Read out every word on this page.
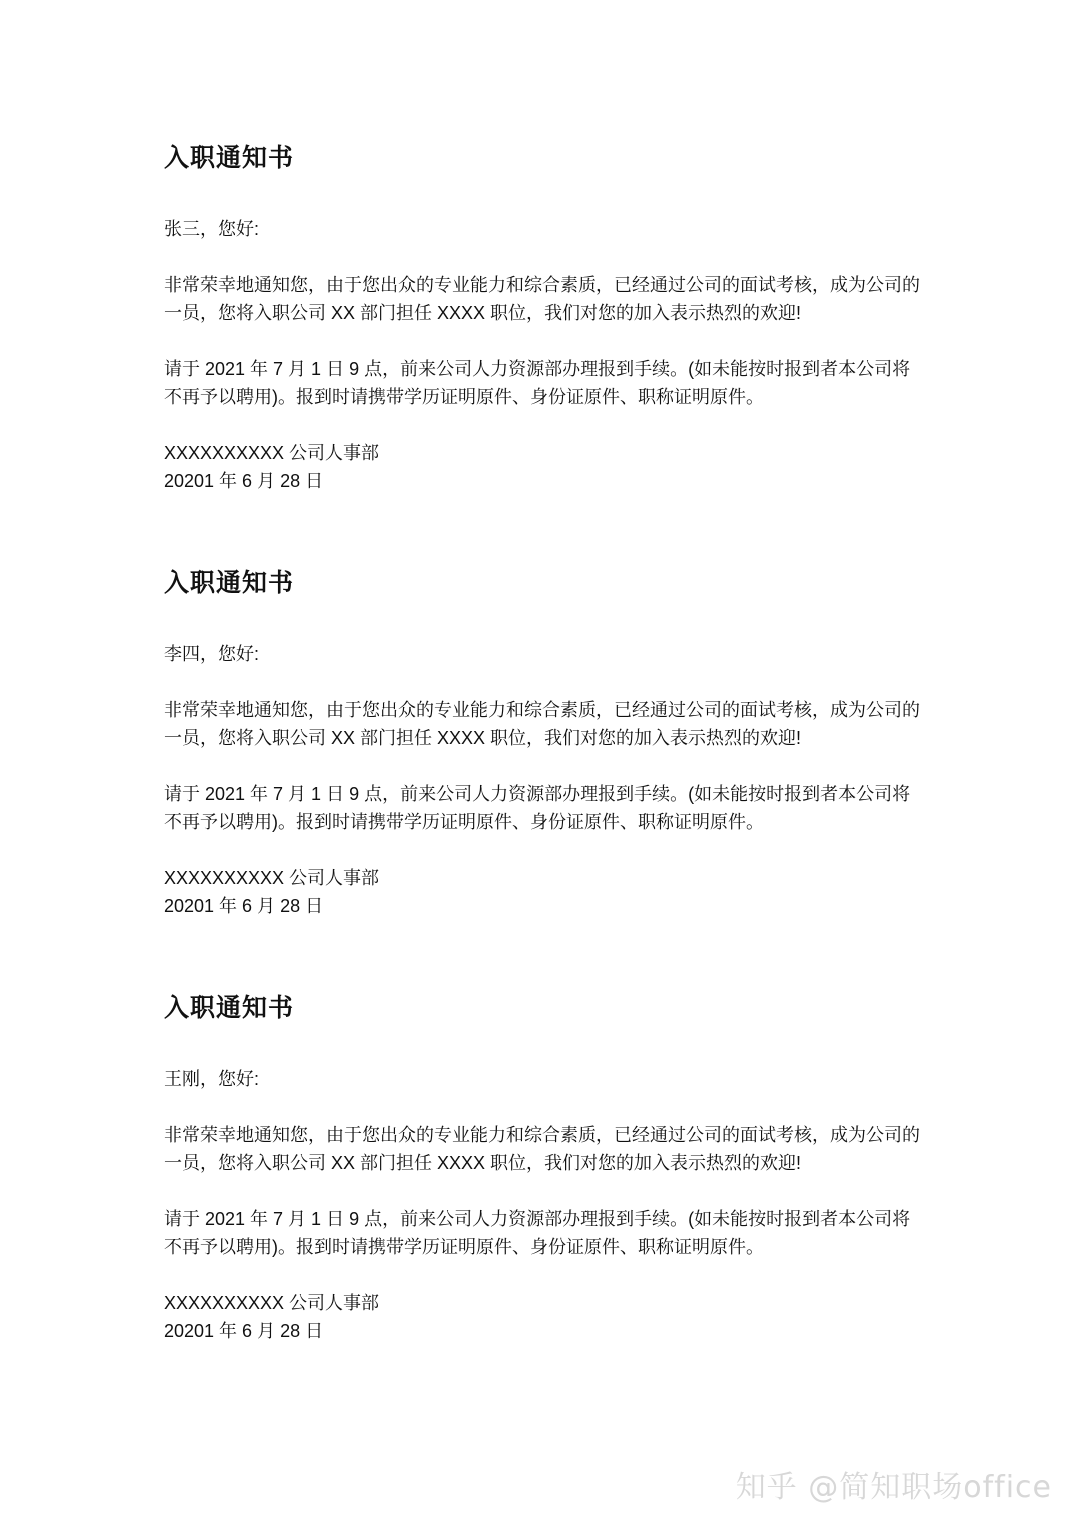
入职通知书

张三，您好:

非常荣幸地通知您，由于您出众的专业能力和综合素质，已经通过公司的面试考核，成为公司的一员，您将入职公司 XX 部门担任 XXXX 职位，我们对您的加入表示热烈的欢迎!

请于 2021 年 7 月 1 日 9 点，前来公司人力资源部办理报到手续。(如未能按时报到者本公司将不再予以聘用)。报到时请携带学历证明原件、身份证原件、职称证明原件。

XXXXXXXXXX 公司人事部

20201 年 6 月 28 日

入职通知书

李四，您好:

非常荣幸地通知您，由于您出众的专业能力和综合素质，已经通过公司的面试考核，成为公司的一员，您将入职公司 XX 部门担任 XXXX 职位，我们对您的加入表示热烈的欢迎!

请于 2021 年 7 月 1 日 9 点，前来公司人力资源部办理报到手续。(如未能按时报到者本公司将不再予以聘用)。报到时请携带学历证明原件、身份证原件、职称证明原件。

XXXXXXXXXX 公司人事部

20201 年 6 月 28 日

入职通知书

王刚，您好:

非常荣幸地通知您，由于您出众的专业能力和综合素质，已经通过公司的面试考核，成为公司的一员，您将入职公司 XX 部门担任 XXXX 职位，我们对您的加入表示热烈的欢迎!

请于 2021 年 7 月 1 日 9 点，前来公司人力资源部办理报到手续。(如未能按时报到者本公司将不再予以聘用)。报到时请携带学历证明原件、身份证原件、职称证明原件。

XXXXXXXXXX 公司人事部

20201 年 6 月 28 日

知乎 @简知职场office
